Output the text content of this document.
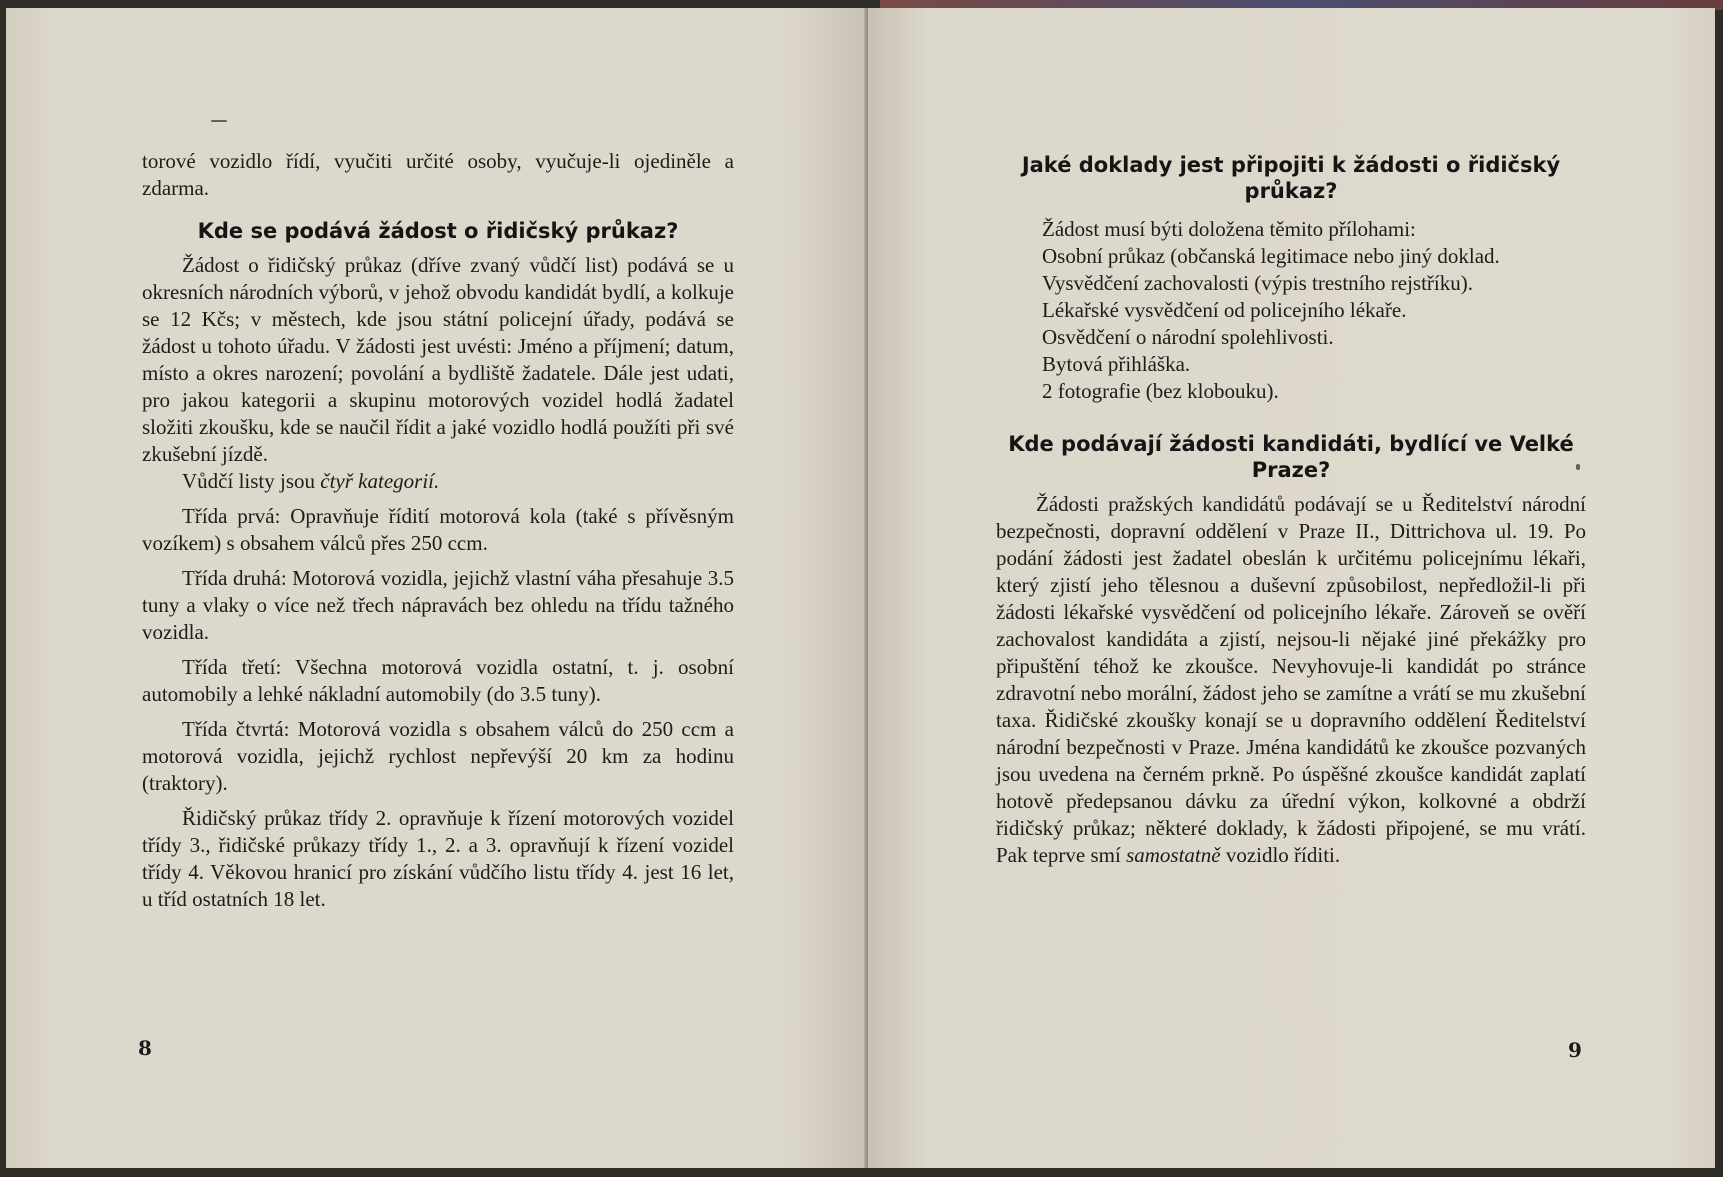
torové vozidlo řídí, vyučiti určité osoby, vyučuje-li ojediněle a zdarma.

Kde se podává žádost o řidičský průkaz?

Žádost o řidičský průkaz (dříve zvaný vůdčí list) podává se u okresních národních výborů, v jehož obvodu kandidát bydlí, a kolkuje se 12 Kčs; v městech, kde jsou státní policejní úřady, podává se žádost u tohoto úřadu. V žádosti jest uvésti: Jméno a příjmení; datum, místo a okres narození; povolání a bydliště žadatele. Dále jest udati, pro jakou kategorii a skupinu motorových vozidel hodlá žadatel složiti zkoušku, kde se naučil řídit a jaké vozidlo hodlá použíti při své zkušební jízdě.

Vůdčí listy jsou čtyř kategorií.

Třída prvá: Opravňuje řídití motorová kola (také s přívěsným vozíkem) s obsahem válců přes 250 ccm.

Třída druhá: Motorová vozidla, jejichž vlastní váha přesahuje 3.5 tuny a vlaky o více než třech nápravách bez ohledu na třídu tažného vozidla.

Třída třetí: Všechna motorová vozidla ostatní, t. j. osobní automobily a lehké nákladní automobily (do 3.5 tuny).

Třída čtvrtá: Motorová vozidla s obsahem válců do 250 ccm a motorová vozidla, jejichž rychlost nepřevýší 20 km za hodinu (traktory).

Řidičský průkaz třídy 2. opravňuje k řízení motorových vozidel třídy 3., řidičské průkazy třídy 1., 2. a 3. opravňují k řízení vozidel třídy 4. Věkovou hranicí pro získání vůdčího listu třídy 4. jest 16 let, u tříd ostatních 18 let.

8
Jaké doklady jest připojiti k žádosti o řidičský průkaz?

Žádost musí býti doložena těmito přílohami:

Osobní průkaz (občanská legitimace nebo jiný doklad.

Vysvědčení zachovalosti (výpis trestního rejstříku).

Lékařské vysvědčení od policejního lékaře.

Osvědčení o národní spolehlivosti.

Bytová přihláška.

2 fotografie (bez klobouku).

Kde podávají žádosti kandidáti, bydlící ve Velké Praze?

Žádosti pražských kandidátů podávají se u Ředitelství národní bezpečnosti, dopravní oddělení v Praze II., Dittrichova ul. 19. Po podání žádosti jest žadatel obeslán k určitému policejnímu lékaři, který zjistí jeho tělesnou a duševní způsobilost, nepředložil-li při žádosti lékařské vysvědčení od policejního lékaře. Zároveň se ověří zachovalost kandidáta a zjistí, nejsou-li nějaké jiné překážky pro připuštění téhož ke zkoušce. Nevyhovuje-li kandidát po stránce zdravotní nebo morální, žádost jeho se zamítne a vrátí se mu zkušební taxa. Řidičské zkoušky konají se u dopravního oddělení Ředitelství národní bezpečnosti v Praze. Jména kandidátů ke zkoušce pozvaných jsou uvedena na černém prkně. Po úspěšné zkoušce kandidát zaplatí hotově předepsanou dávku za úřední výkon, kolkovné a obdrží řidičský průkaz; některé doklady, k žádosti připojené, se mu vrátí. Pak teprve smí samostatně vozidlo říditi.

9
